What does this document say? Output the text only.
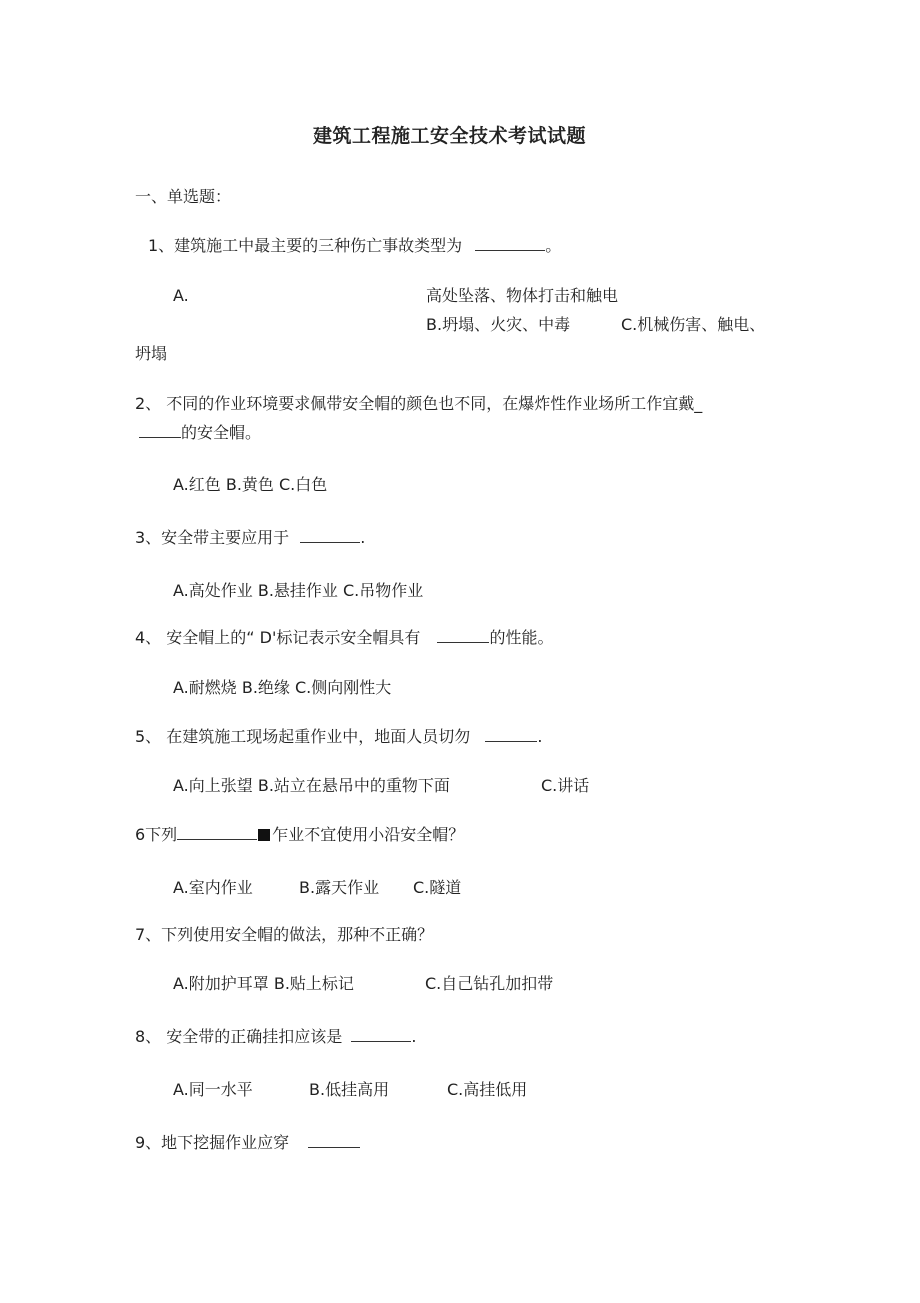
建筑工程施工安全技术考试试题
一、单选题：
1、建筑施工中最主要的三种伤亡事故类型为	。
A.	高处坠落、物体打击和触电
B.坍塌、火灾、中毒	C.机械伤害、触电、
坍塌
2、 不同的作业环境要求佩带安全帽的颜色也不同，在爆炸性作业场所工作宜戴_
的安全帽。
A.红色 B.黄色 C.白色
3、安全带主要应用于	.
A.高处作业 B.悬挂作业 C.吊物作业
4、 安全帽上的“ D'标记表示安全帽具有	的性能。
A.耐燃烧 B.绝缘 C.侧向刚性大
5、 在建筑施工现场起重作业中，地面人员切勿	.
A.向上张望 B.站立在悬吊中的重物下面	C.讲话
6下列	乍业不宜使用小沿安全帽？
A.室内作业	B.露天作业 C.隧道
7、下列使用安全帽的做法，那种不正确？
A.附加护耳罩 B.贴上标记	C.自己钻孔加扣带
8、 安全带的正确挂扣应该是	.
A.同一水平	B.低挂高用	C.高挂低用
9、地下挖掘作业应穿
